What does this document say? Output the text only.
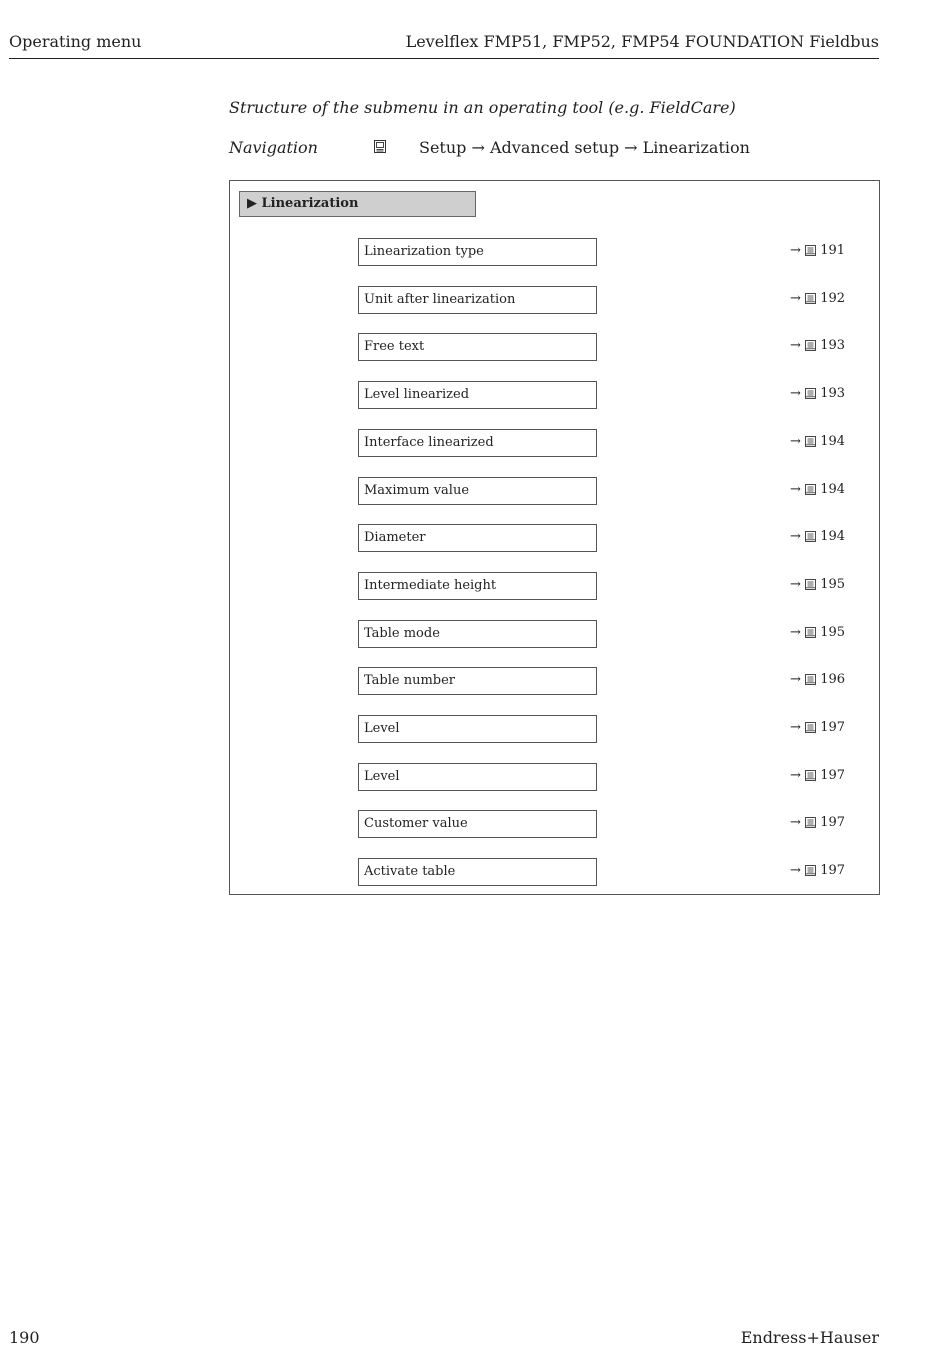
Operating menu	Levelflex FMP51, FMP52, FMP54 FOUNDATION Fieldbus
Structure of the submenu in an operating tool (e.g. FieldCare)
Navigation	Setup → Advanced setup → Linearization
▶ Linearization
Linearization type	→ 191
Unit after linearization	→ 192
Free text	→ 193
Level linearized	→ 193
Interface linearized	→ 194
Maximum value	→ 194
Diameter	→ 194
Intermediate height	→ 195
Table mode	→ 195
Table number	→ 196
Level	→ 197
Level	→ 197
Customer value	→ 197
Activate table	→ 197
190	Endress+Hauser
